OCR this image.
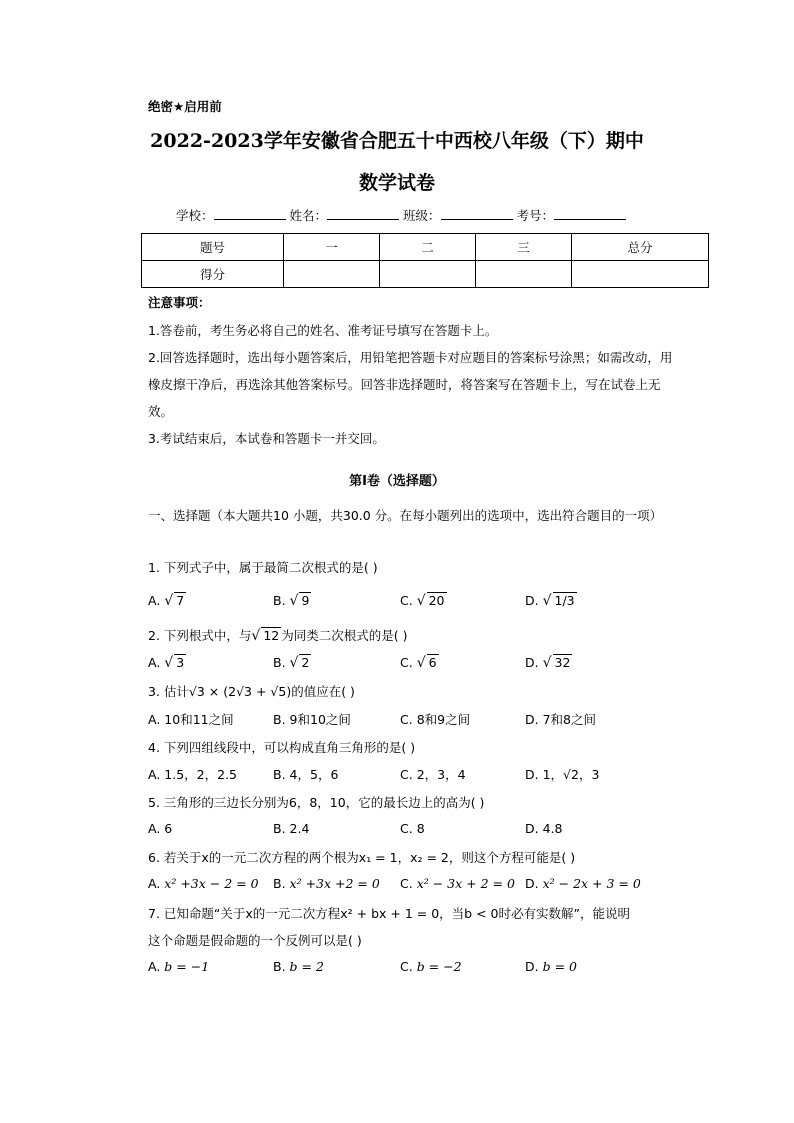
绝密★启用前
2022-2023学年安徽省合肥五十中西校八年级（下）期中
数学试卷
学校：	姓名：	班级：	考号：
题号	一	二	三	总分
得分				
注意事项：
1.答卷前，考生务必将自己的姓名、准考证号填写在答题卡上。
2.回答选择题时，选出每小题答案后，用铅笔把答题卡对应题目的答案标号涂黑；如需改动，用橡皮擦干净后，再选涂其他答案标号。回答非选择题时，将答案写在答题卡上，写在试卷上无效。
3.考试结束后，本试卷和答题卡一并交回。
第Ⅰ卷（选择题）
一、选择题（本大题共10 小题，共30.0 分。在每小题列出的选项中，选出符合题目的一项）
1. 下列式子中，属于最简二次根式的是( )
A. √ 7	B. √ 9	C. √ 20	D. √ 1/3
2. 下列根式中，与√ 12 为同类二次根式的是( )
A. √ 3	B. √ 2	C. √ 6	D. √ 32
3. 估计√3 × (2√3 + √5)的值应在( )
A. 10和11之间	B. 9和10之间	C. 8和9之间	D. 7和8之间
4. 下列四组线段中，可以构成直角三角形的是( )
A. 1.5，2，2.5	B. 4，5，6	C. 2，3，4	D. 1，√2，3
5. 三角形的三边长分别为6，8，10，它的最长边上的高为( )
A. 6	B. 2.4	C. 8	D. 4.8
6. 若关于x的一元二次方程的两个根为x₁ = 1，x₂ = 2，则这个方程可能是( )
A. x² +3x − 2 = 0 B. x² +3x +2 = 0 C. x² − 3x + 2 = 0 D. x² − 2x + 3 = 0
7. 已知命题“关于x的一元二次方程x² + bx + 1 = 0，当b < 0时必有实数解”，能说明
这个命题是假命题的一个反例可以是( )
A. b = −1	B. b = 2	C. b = −2	D. b = 0
